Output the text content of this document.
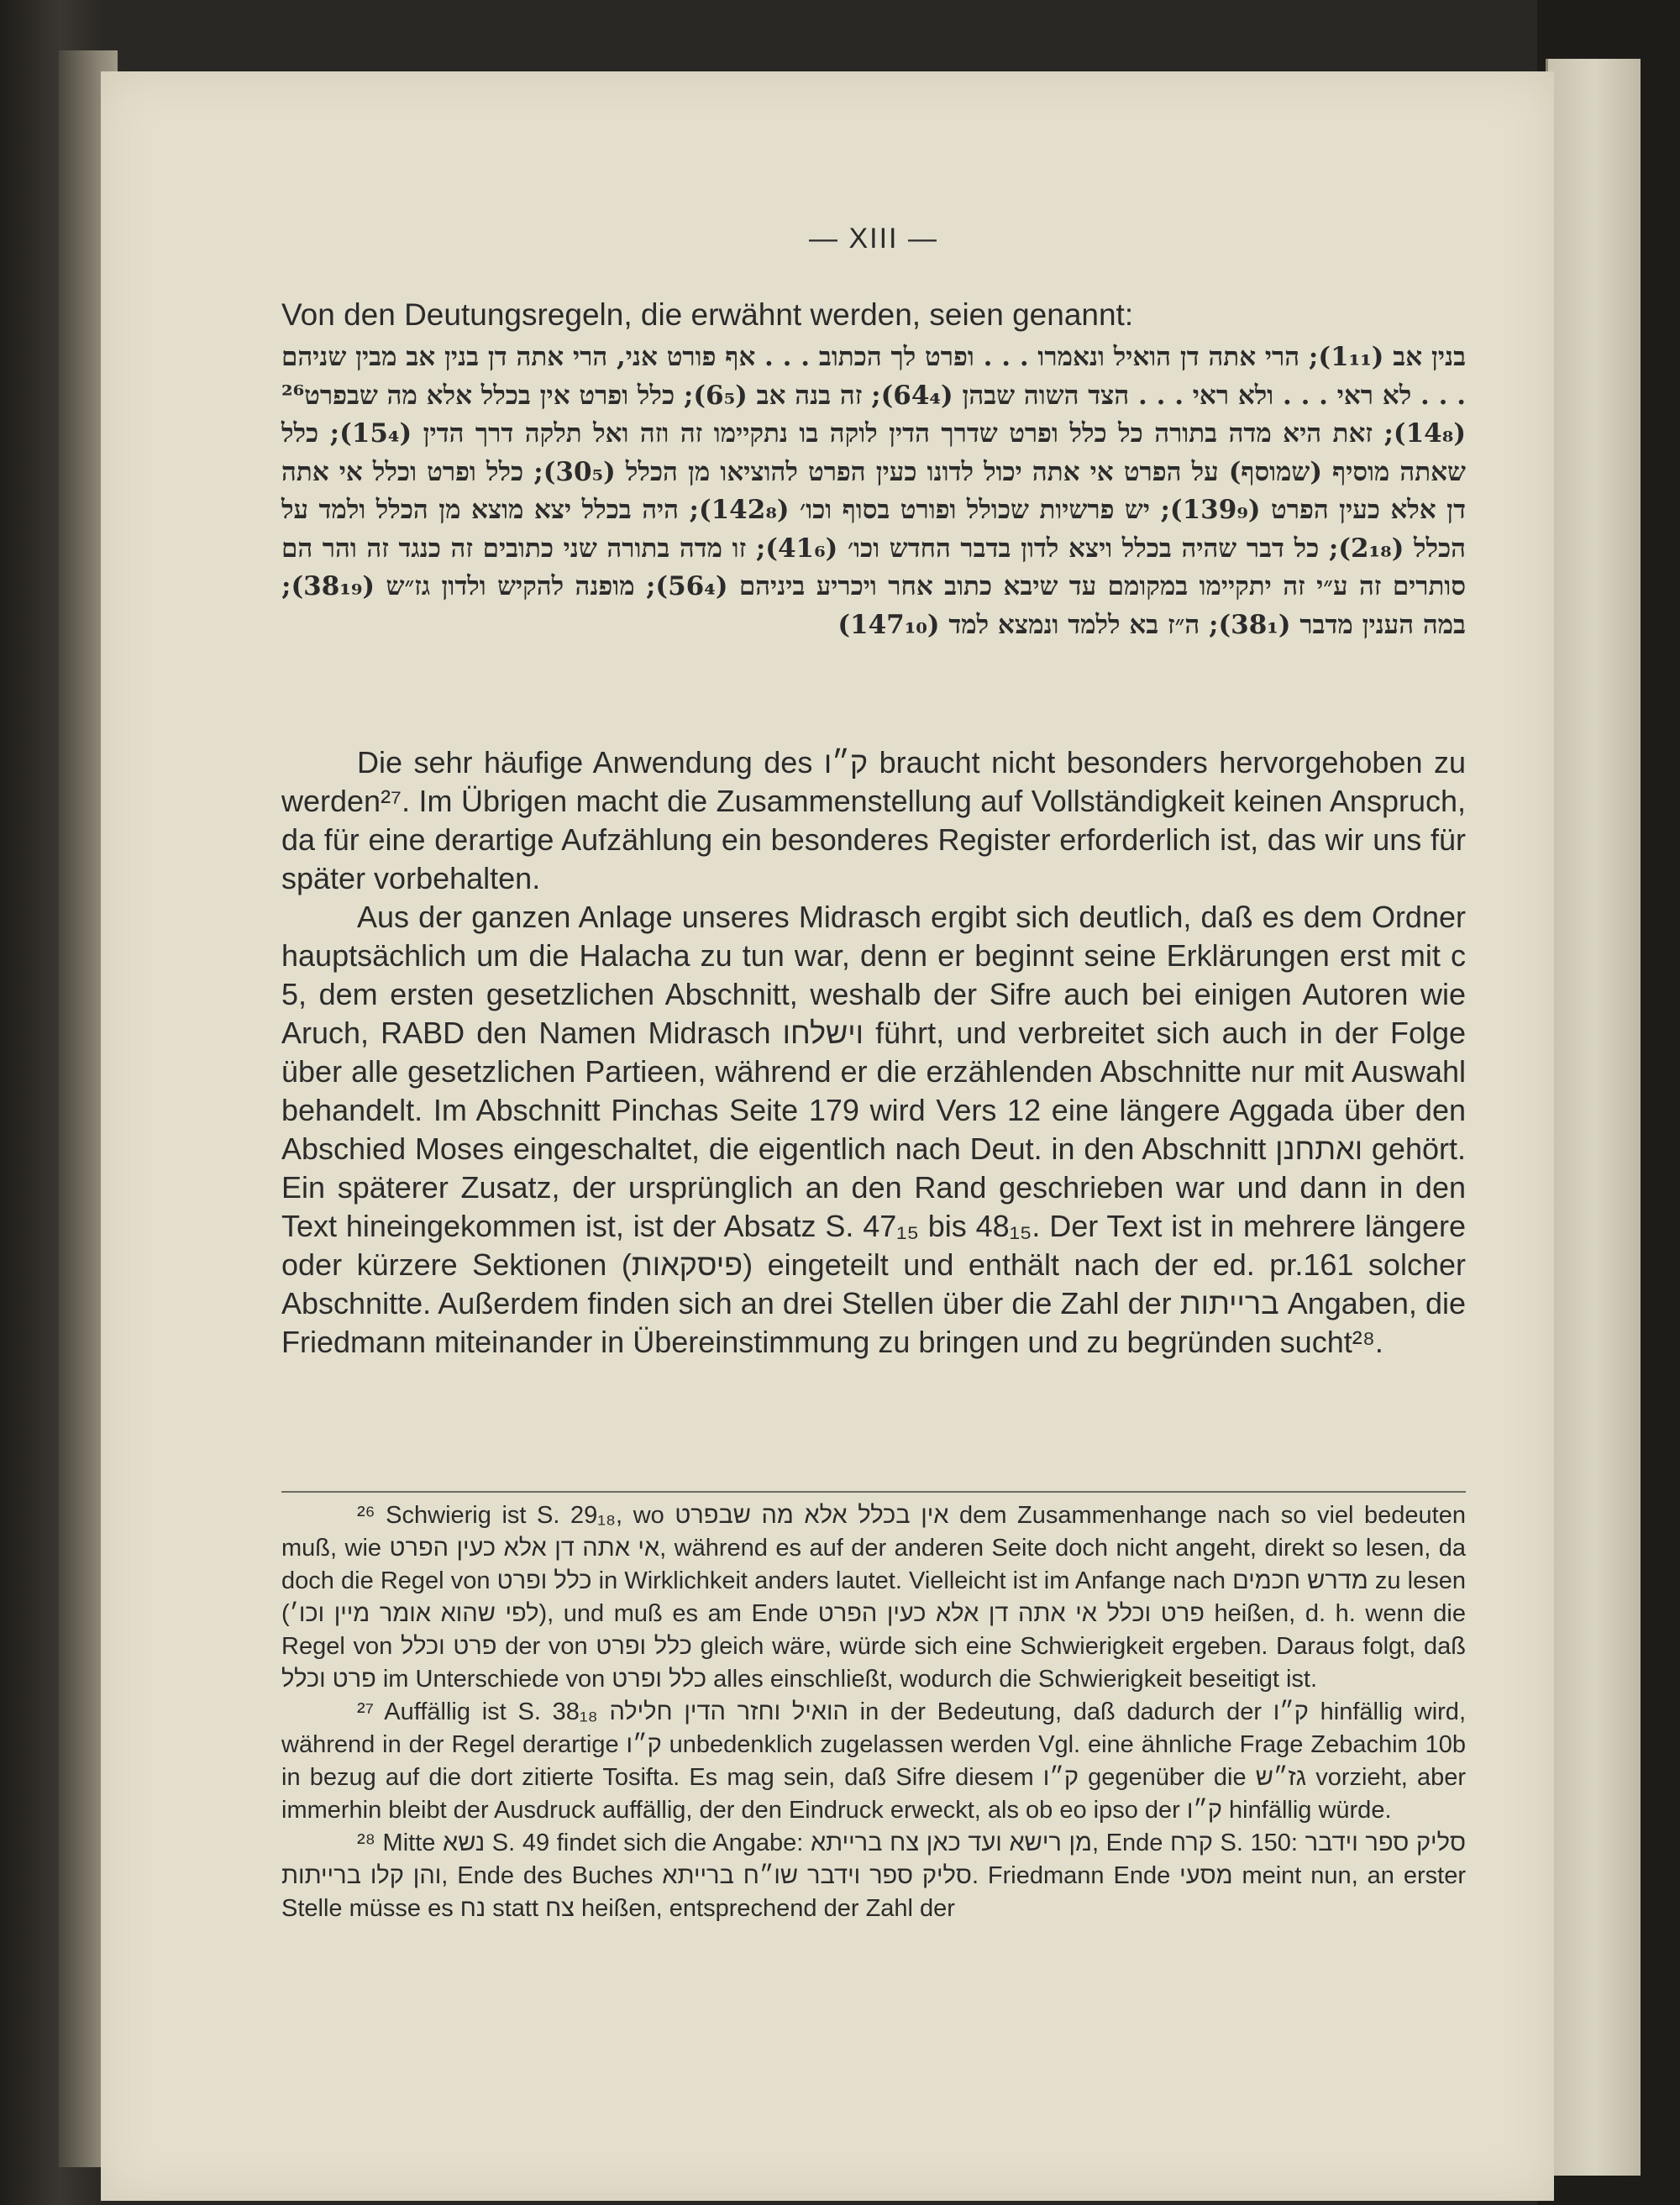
— XIII —
Von den Deutungsregeln, die erwähnt werden, seien genannt:
בנין אב (1₁₁); הרי אתה דן הואיל ונאמרו . . . ופרט לך הכתוב . . . אף פורט אני, הרי אתה דן בנין אב מבין שניהם . . . לא ראי . . . ולא ראי . . . הצד השוה שבהן (64₄); זה בנה אב (6₅); כלל ופרט אין בכלל אלא מה שבפרט²⁶ (14₈); זאת היא מדה בתורה כל כלל ופרט שדרך הדין לוקה בו נתקיימו זה וזה ואל תלקה דרך הדין (15₄); כלל שאתה מוסיף (שמוסף) על הפרט אי אתה יכול לדונו כעין הפרט להוציאו מן הכלל (30₅); כלל ופרט וכלל אי אתה דן אלא כעין הפרט (139₉); יש פרשיות שכולל ופורט בסוף וכו׳ (142₈); היה בכלל יצא מוצא מן הכלל ולמד על הכלל (2₁₈); כל דבר שהיה בכלל ויצא לדון בדבר החדש וכו׳ (41₆); זו מדה בתורה שני כתובים זה כנגד זה והר הם סותרים זה ע״י זה יתקיימו במקומם עד שיבא כתוב אחר ויכריע ביניהם (56₄); מופנה להקיש ולדון גז״ש (38₁₉); במה הענין מדבר (38₁); ה״ז בא ללמד ונמצא למד (147₁₀)

Die sehr häufige Anwendung des ק״ו braucht nicht besonders hervorgehoben zu werden²⁷. Im Übrigen macht die Zusammenstellung auf Vollständigkeit keinen Anspruch, da für eine derartige Aufzählung ein besonderes Register erforderlich ist, das wir uns für später vorbehalten.

Aus der ganzen Anlage unseres Midrasch ergibt sich deutlich, daß es dem Ordner hauptsächlich um die Halacha zu tun war, denn er beginnt seine Erklärungen erst mit c 5, dem ersten gesetzlichen Abschnitt, weshalb der Sifre auch bei einigen Autoren wie Aruch, RABD den Namen Midrasch וישלחו führt, und verbreitet sich auch in der Folge über alle gesetzlichen Partieen, während er die erzählenden Abschnitte nur mit Auswahl behandelt. Im Abschnitt Pinchas Seite 179 wird Vers 12 eine längere Aggada über den Abschied Moses eingeschaltet, die eigentlich nach Deut. in den Abschnitt ואתחנן gehört. Ein späterer Zusatz, der ursprünglich an den Rand geschrieben war und dann in den Text hineingekommen ist, ist der Absatz S. 47₁₅ bis 48₁₅. Der Text ist in mehrere längere oder kürzere Sektionen (פיסקאות) eingeteilt und enthält nach der ed. pr.161 solcher Abschnitte. Außerdem finden sich an drei Stellen über die Zahl der ברייתות Angaben, die Friedmann miteinander in Übereinstimmung zu bringen und zu begründen sucht²⁸.

²⁶ Schwierig ist S. 29₁₈, wo אין בכלל אלא מה שבפרט dem Zusammenhange nach so viel bedeuten muß, wie אי אתה דן אלא כעין הפרט, während es auf der anderen Seite doch nicht angeht, direkt so lesen, da doch die Regel von כלל ופרט in Wirklichkeit anders lautet. Vielleicht ist im Anfange nach מדרש חכמים zu lesen (לפי שהוא אומר מיין וכו׳), und muß es am Ende פרט וכלל אי אתה דן אלא כעין הפרט heißen, d. h. wenn die Regel von פרט וכלל der von כלל ופרט gleich wäre, würde sich eine Schwierigkeit ergeben. Daraus folgt, daß פרט וכלל im Unterschiede von כלל ופרט alles einschließt, wodurch die Schwierigkeit beseitigt ist.

²⁷ Auffällig ist S. 38₁₈ הואיל וחזר הדין חלילה in der Bedeutung, daß dadurch der ק״ו hinfällig wird, während in der Regel derartige ק״ו unbedenklich zugelassen werden Vgl. eine ähnliche Frage Zebachim 10b in bezug auf die dort zitierte Tosifta. Es mag sein, daß Sifre diesem ק״ו gegenüber die גז״ש vorzieht, aber immerhin bleibt der Ausdruck auffällig, der den Eindruck erweckt, als ob eo ipso der ק״ו hinfällig würde.

²⁸ Mitte נשא S. 49 findet sich die Angabe: מן רישא ועד כאן צח ברייתא, Ende קרח S. 150: סליק ספר וידבר והן קלו ברייתות, Ende des Buches סליק ספר וידבר שו״ח ברייתא. Friedmann Ende מסעי meint nun, an erster Stelle müsse es נח statt צח heißen, entsprechend der Zahl der
